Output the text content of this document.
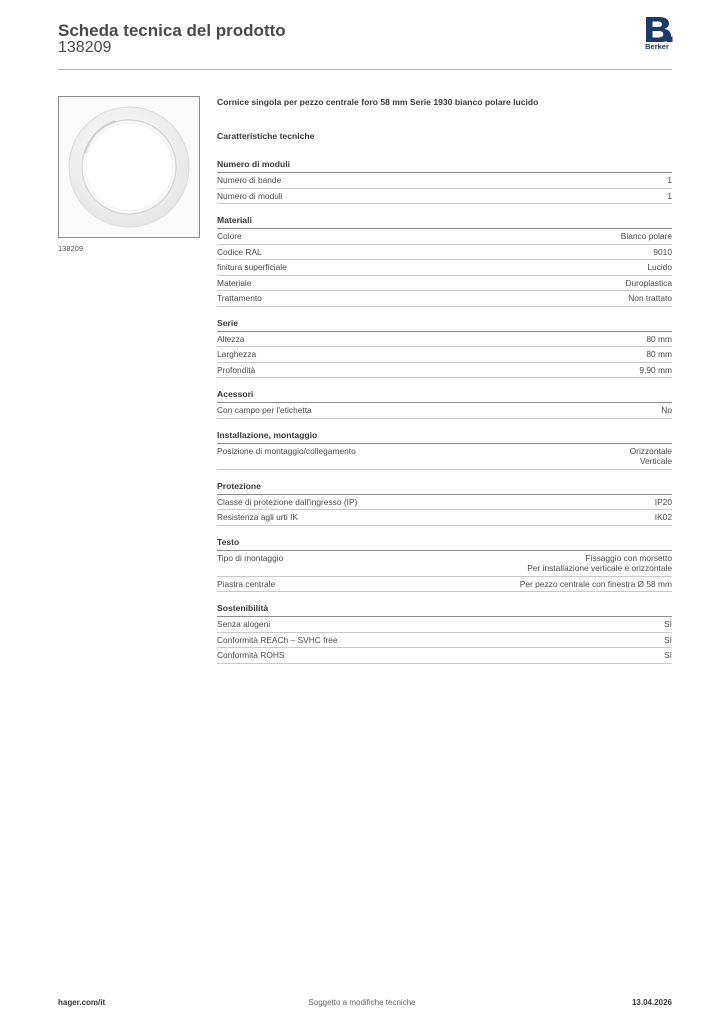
Scheda tecnica del prodotto
138209	Berker
138209
Cornice singola per pezzo centrale foro 58 mm Serie 1930 bianco polare lucido
Caratteristiche tecniche
Numero di moduli
Numero di bande	1
Numero di moduli	1
Materiali
Colore	Bianco polare
Codice RAL	9010
finitura superficiale	Lucido
Materiale	Duroplastica
Trattamento	Non trattato
Serie
Altezza	80 mm
Larghezza	80 mm
Profondità	9,90 mm
Acessori
Con campo per l'etichetta	No
Installazione, montaggio
Posizione di montaggio/collegamento	Orizzontale
Verticale
Protezione
Classe di protezione dall'ingresso (IP)	IP20
Resistenza agli urti IK	IK02
Testo
Tipo di montaggio	Fissaggio con morsetto
Per installazione verticale e orizzontale
Piastra centrale	Per pezzo centrale con finestra Ø 58 mm
Sostenibilità
Senza alogeni	Sì
Conformità REACh – SVHC free	Sì
Conformità ROHS	Sì
hager.com/it	Soggetto a modifiche tecniche	13.04.2026
